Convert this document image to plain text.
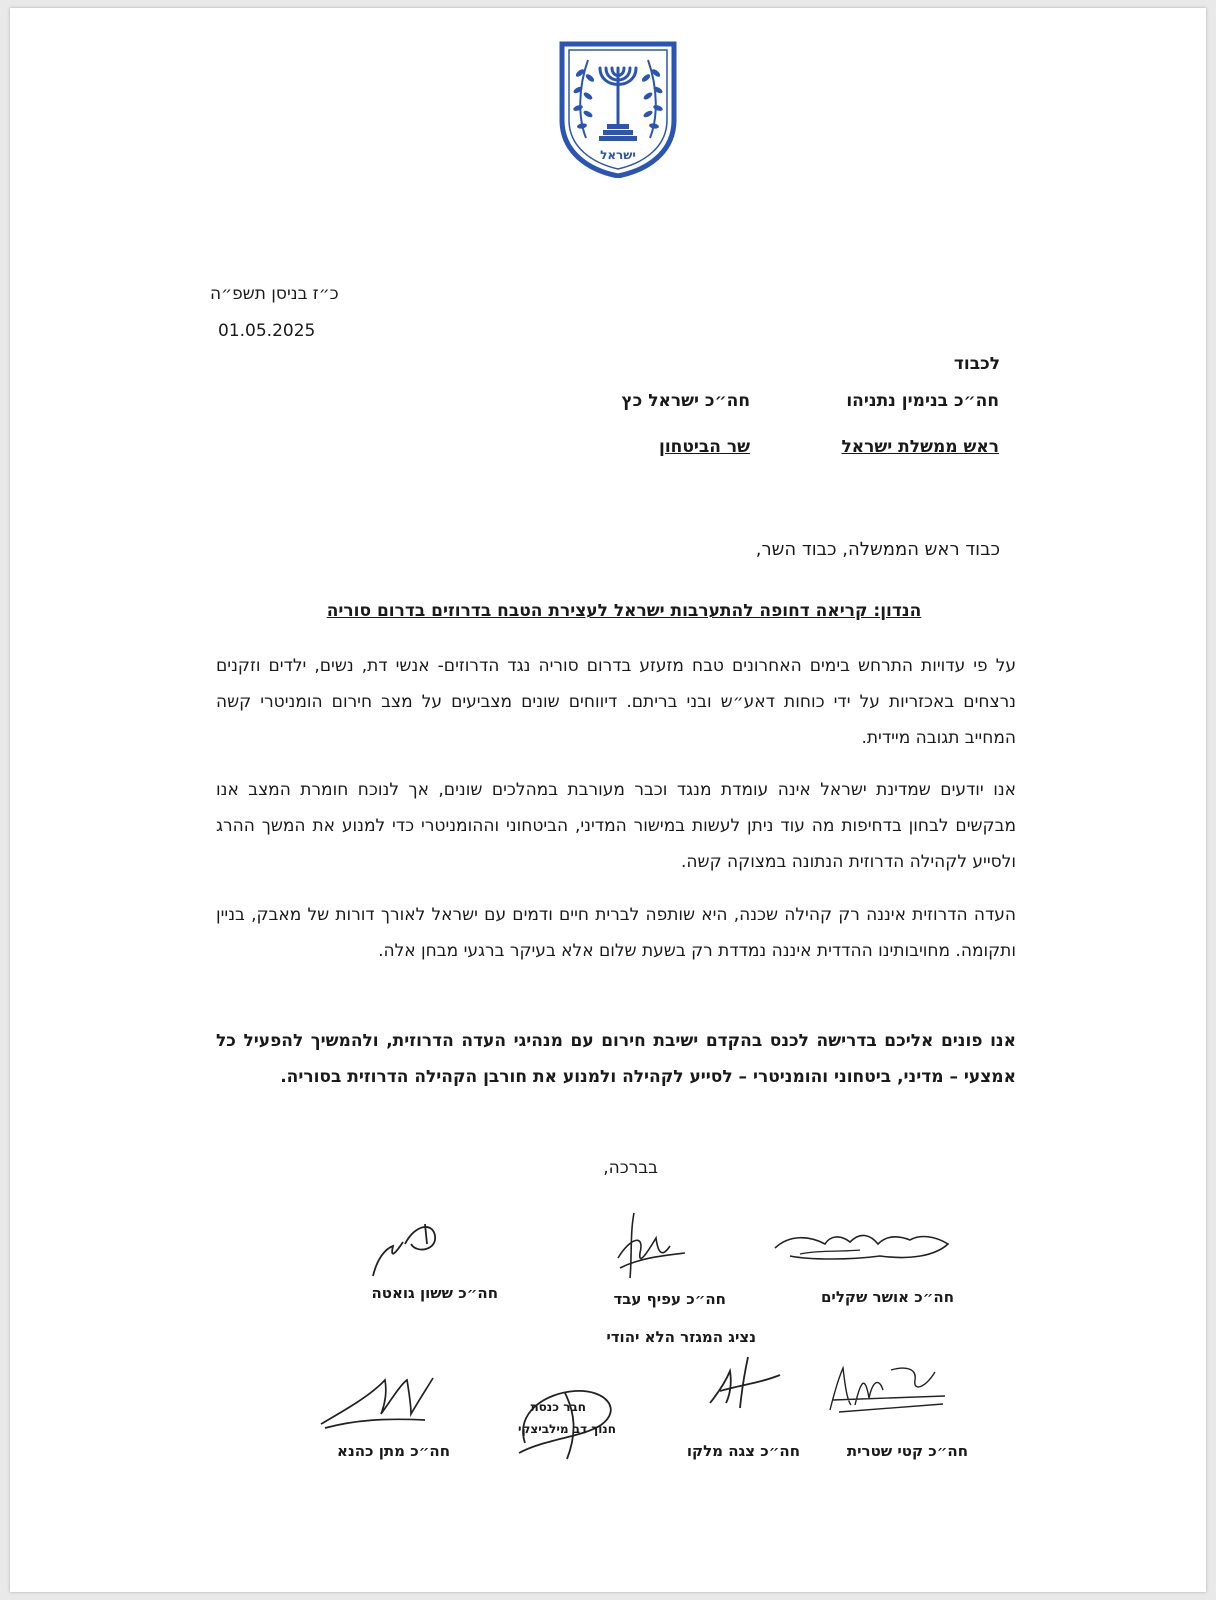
ישראל
כ״ז בניסן תשפ״ה
01.05.2025
לכבוד
חה״כ בנימין נתניהו
חה״כ ישראל כץ
ראש ממשלת ישראל
שר הביטחון
כבוד ראש הממשלה, כבוד השר,
הנדון: קריאה דחופה להתערבות ישראל לעצירת הטבח בדרוזים בדרום סוריה
על פי עדויות התרחש בימים האחרונים טבח מזעזע בדרום סוריה נגד הדרוזים- אנשי דת, נשים, ילדים וזקנים נרצחים באכזריות על ידי כוחות דאע״ש ובני בריתם. דיווחים שונים מצביעים על מצב חירום הומניטרי קשה המחייב תגובה מיידית.
אנו יודעים שמדינת ישראל אינה עומדת מנגד וכבר מעורבת במהלכים שונים, אך לנוכח חומרת המצב אנו מבקשים לבחון בדחיפות מה עוד ניתן לעשות במישור המדיני, הביטחוני וההומניטרי כדי למנוע את המשך ההרג ולסייע לקהילה הדרוזית הנתונה במצוקה קשה.
העדה הדרוזית איננה רק קהילה שכנה, היא שותפה לברית חיים ודמים עם ישראל לאורך דורות של מאבק, בניין ותקומה. מחויבותינו ההדדית איננה נמדדת רק בשעת שלום אלא בעיקר ברגעי מבחן אלה.
אנו פונים אליכם בדרישה לכנס בהקדם ישיבת חירום עם מנהיגי העדה הדרוזית, ולהמשיך להפעיל כל אמצעי – מדיני, ביטחוני והומניטרי – לסייע לקהילה ולמנוע את חורבן הקהילה הדרוזית בסוריה.
בברכה,
חה״כ אושר שקלים
חה״כ עפיף עבד
נציג המגזר הלא יהודי
חה״כ ששון גואטה
חה״כ קטי שטרית
חה״כ צגה מלקו
חבר כנסת
חנוך דב מילביצקי
חה״כ מתן כהנא
